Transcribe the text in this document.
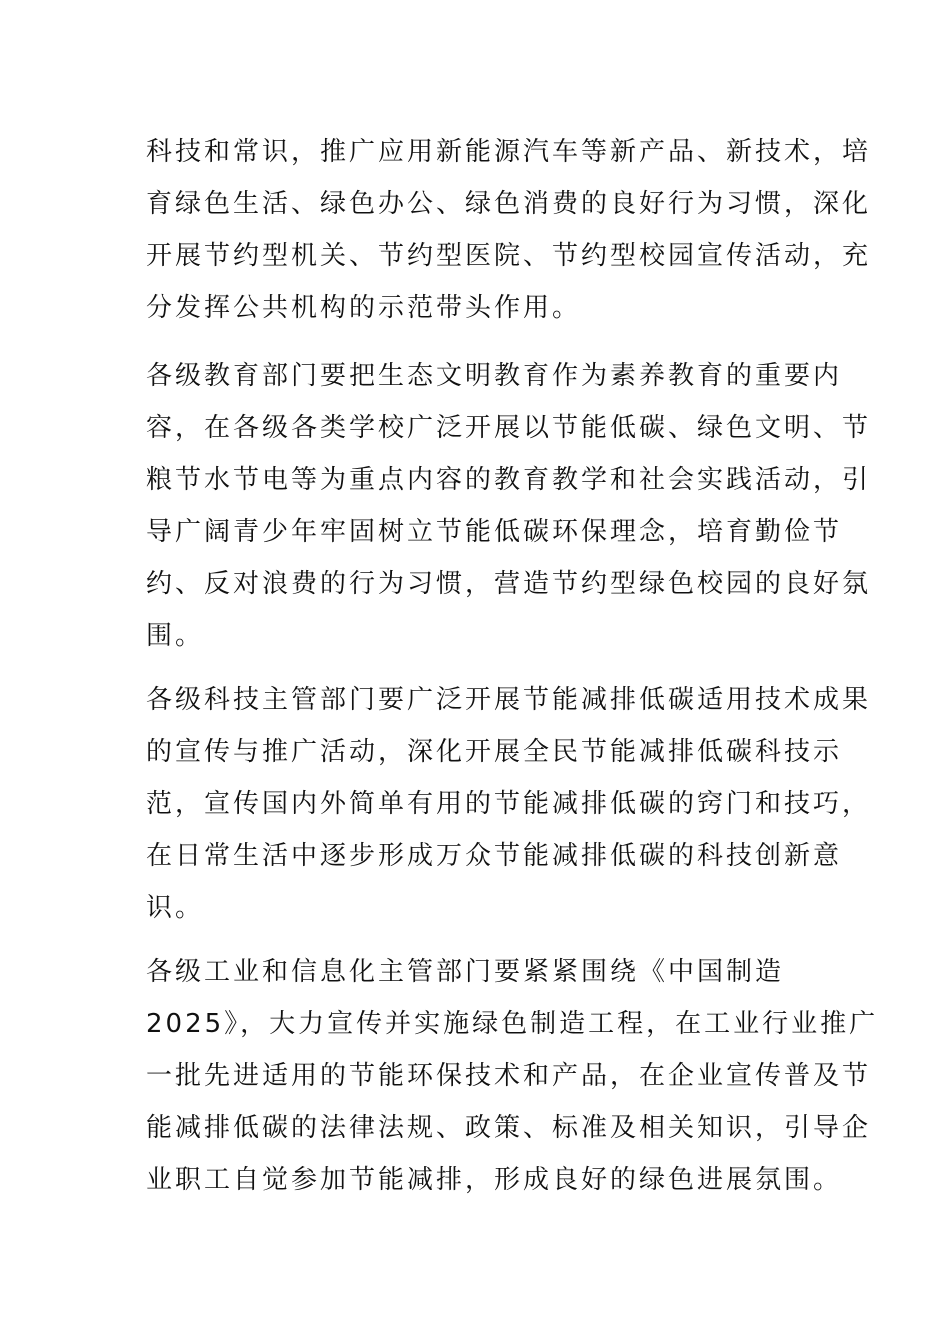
科技和常识，推广应用新能源汽车等新产品、新技术，培
育绿色生活、绿色办公、绿色消费的良好行为习惯，深化
开展节约型机关、节约型医院、节约型校园宣传活动，充
分发挥公共机构的示范带头作用。
各级教育部门要把生态文明教育作为素养教育的重要内
容，在各级各类学校广泛开展以节能低碳、绿色文明、节
粮节水节电等为重点内容的教育教学和社会实践活动，引
导广阔青少年牢固树立节能低碳环保理念，培育勤俭节
约、反对浪费的行为习惯，营造节约型绿色校园的良好氛
围。
各级科技主管部门要广泛开展节能减排低碳适用技术成果
的宣传与推广活动，深化开展全民节能减排低碳科技示
范，宣传国内外简单有用的节能减排低碳的窍门和技巧，
在日常生活中逐步形成万众节能减排低碳的科技创新意
识。
各级工业和信息化主管部门要紧紧围绕《中国制造
2025》，大力宣传并实施绿色制造工程，在工业行业推广
一批先进适用的节能环保技术和产品，在企业宣传普及节
能减排低碳的法律法规、政策、标准及相关知识，引导企
业职工自觉参加节能减排，形成良好的绿色进展氛围。
